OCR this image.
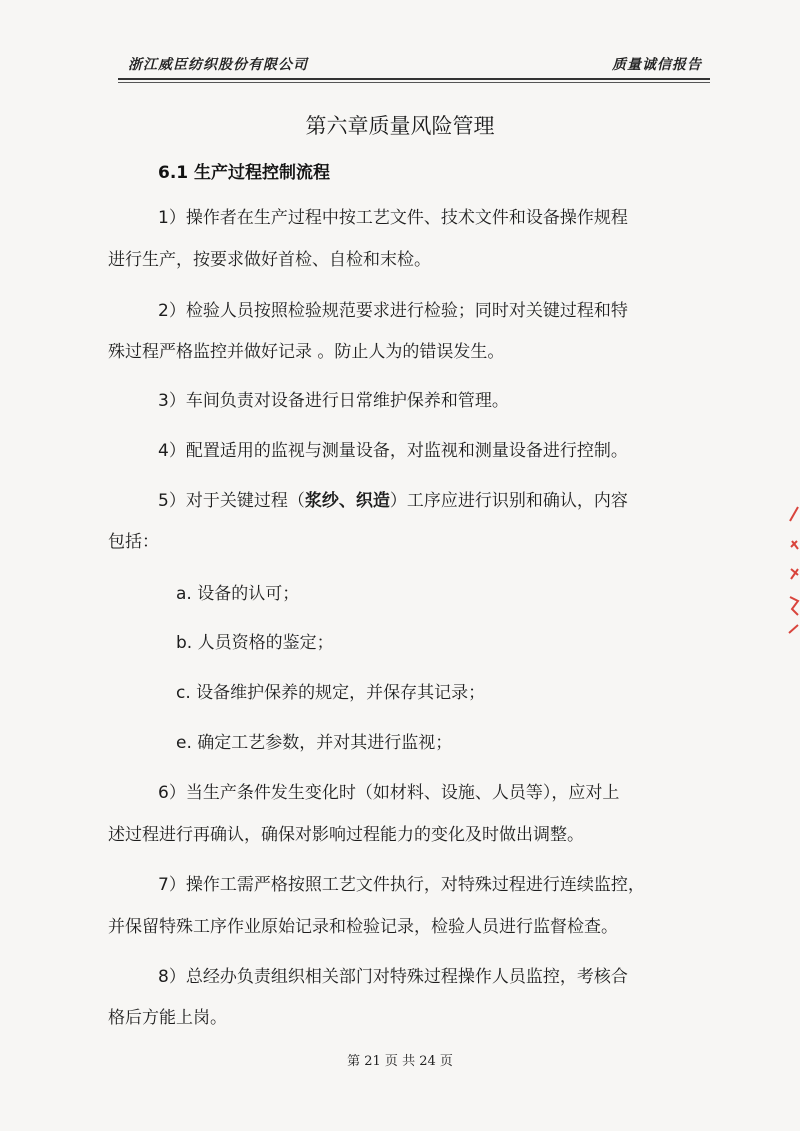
浙江威臣纺织股份有限公司	质量诚信报告
第六章质量风险管理
6.1 生产过程控制流程
1）操作者在生产过程中按工艺文件、技术文件和设备操作规程
进行生产，按要求做好首检、自检和末检。
2）检验人员按照检验规范要求进行检验；同时对关键过程和特
殊过程严格监控并做好记录 。防止人为的错误发生。
3）车间负责对设备进行日常维护保养和管理。
4）配置适用的监视与测量设备，对监视和测量设备进行控制。
5）对于关键过程（浆纱、织造）工序应进行识别和确认，内容
包括：
a. 设备的认可；
b. 人员资格的鉴定；
c. 设备维护保养的规定，并保存其记录；
e. 确定工艺参数，并对其进行监视；
6）当生产条件发生变化时（如材料、设施、人员等），应对上
述过程进行再确认，确保对影响过程能力的变化及时做出调整。
7）操作工需严格按照工艺文件执行，对特殊过程进行连续监控，
并保留特殊工序作业原始记录和检验记录，检验人员进行监督检查。
8）总经办负责组织相关部门对特殊过程操作人员监控，考核合
格后方能上岗。
第 21 页 共 24 页
